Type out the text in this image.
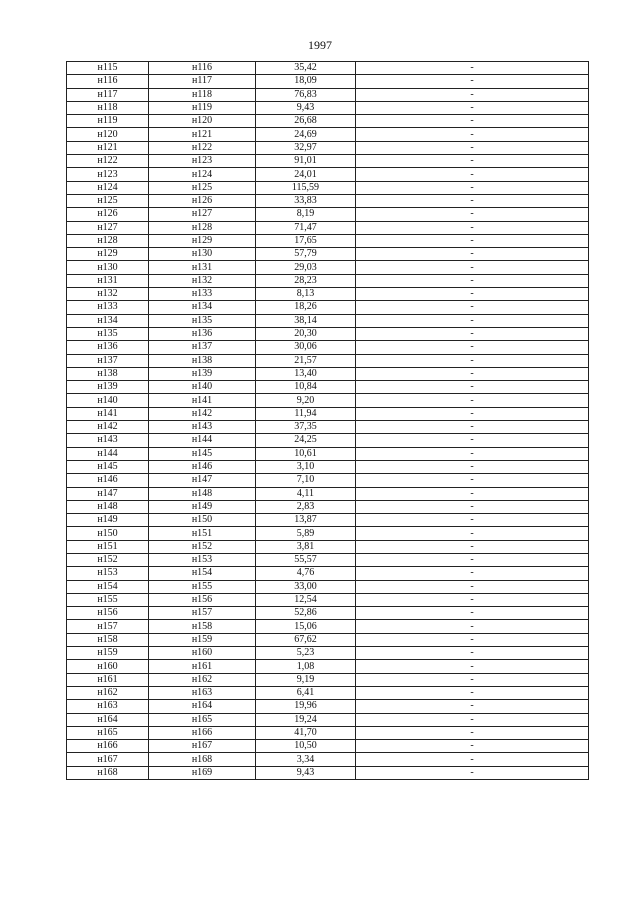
1997
н115	н116	35,42	-
н116	н117	18,09	-
н117	н118	76,83	-
н118	н119	9,43	-
н119	н120	26,68	-
н120	н121	24,69	-
н121	н122	32,97	-
н122	н123	91,01	-
н123	н124	24,01	-
н124	н125	115,59	-
н125	н126	33,83	-
н126	н127	8,19	-
н127	н128	71,47	-
н128	н129	17,65	-
н129	н130	57,79	-
н130	н131	29,03	-
н131	н132	28,23	-
н132	н133	8,13	-
н133	н134	18,26	-
н134	н135	38,14	-
н135	н136	20,30	-
н136	н137	30,06	-
н137	н138	21,57	-
н138	н139	13,40	-
н139	н140	10,84	-
н140	н141	9,20	-
н141	н142	11,94	-
н142	н143	37,35	-
н143	н144	24,25	-
н144	н145	10,61	-
н145	н146	3,10	-
н146	н147	7,10	-
н147	н148	4,11	-
н148	н149	2,83	-
н149	н150	13,87	-
н150	н151	5,89	-
н151	н152	3,81	-
н152	н153	55,57	-
н153	н154	4,76	-
н154	н155	33,00	-
н155	н156	12,54	-
н156	н157	52,86	-
н157	н158	15,06	-
н158	н159	67,62	-
н159	н160	5,23	-
н160	н161	1,08	-
н161	н162	9,19	-
н162	н163	6,41	-
н163	н164	19,96	-
н164	н165	19,24	-
н165	н166	41,70	-
н166	н167	10,50	-
н167	н168	3,34	-
н168	н169	9,43	-
